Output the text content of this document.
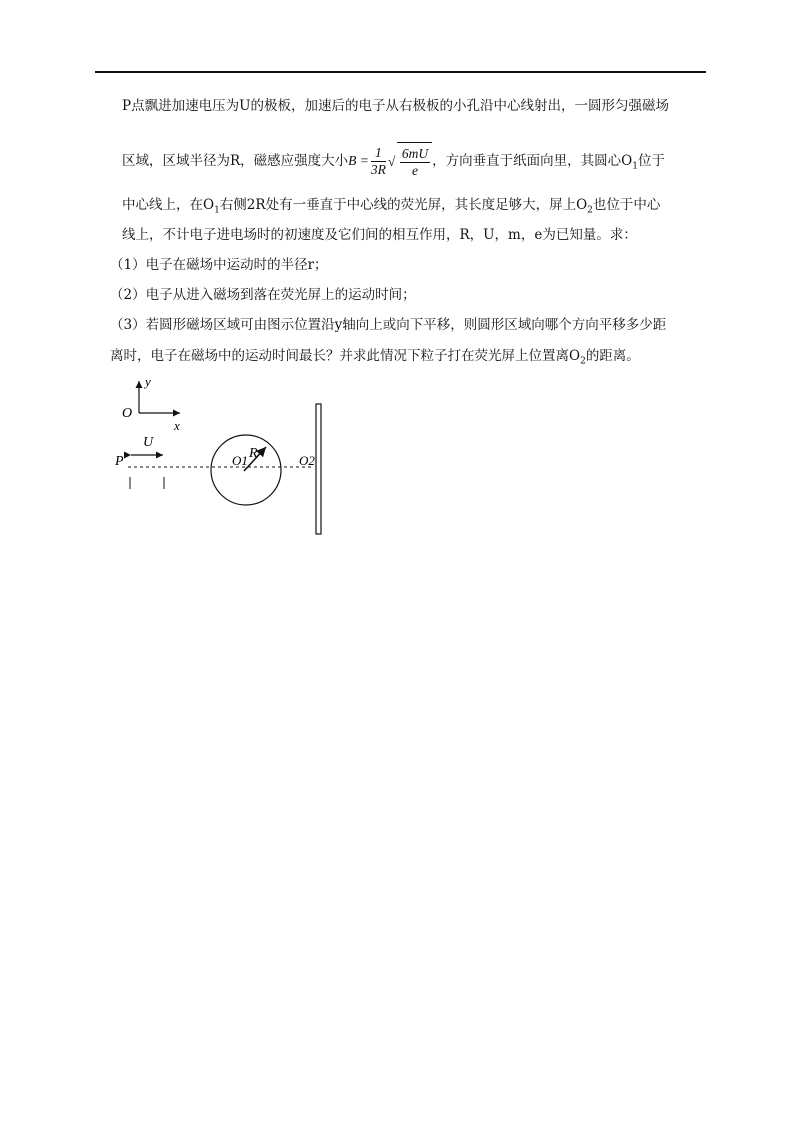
P点飘进加速电压为U的极板，加速后的电子从右极板的小孔沿中心线射出，一圆形匀强磁场
区域，区域半径为R，磁感应强度大小$B = \frac{1}{3R}$ √ $\frac{6mU}{e}$ ，方向垂直于纸面向里，其圆心$O_1$位于
中心线上，在$O_1$右侧2R处有一垂直于中心线的荧光屏，其长度足够大，屏上$O_2$也位于中心
线上，不计电子进电场时的初速度及它们间的相互作用，R，U，m，e为已知量。求：
（1）电子在磁场中运动时的半径r；
（2）电子从进入磁场到落在荧光屏上的运动时间；
（3）若圆形磁场区域可由图示位置沿y轴向上或向下平移，则圆形区域向哪个方向平移多少距
离时，电子在磁场中的运动时间最长？并求此情况下粒子打在荧光屏上位置离$O_2$的距离。
y
x
O
P
U
R
O1	O2
